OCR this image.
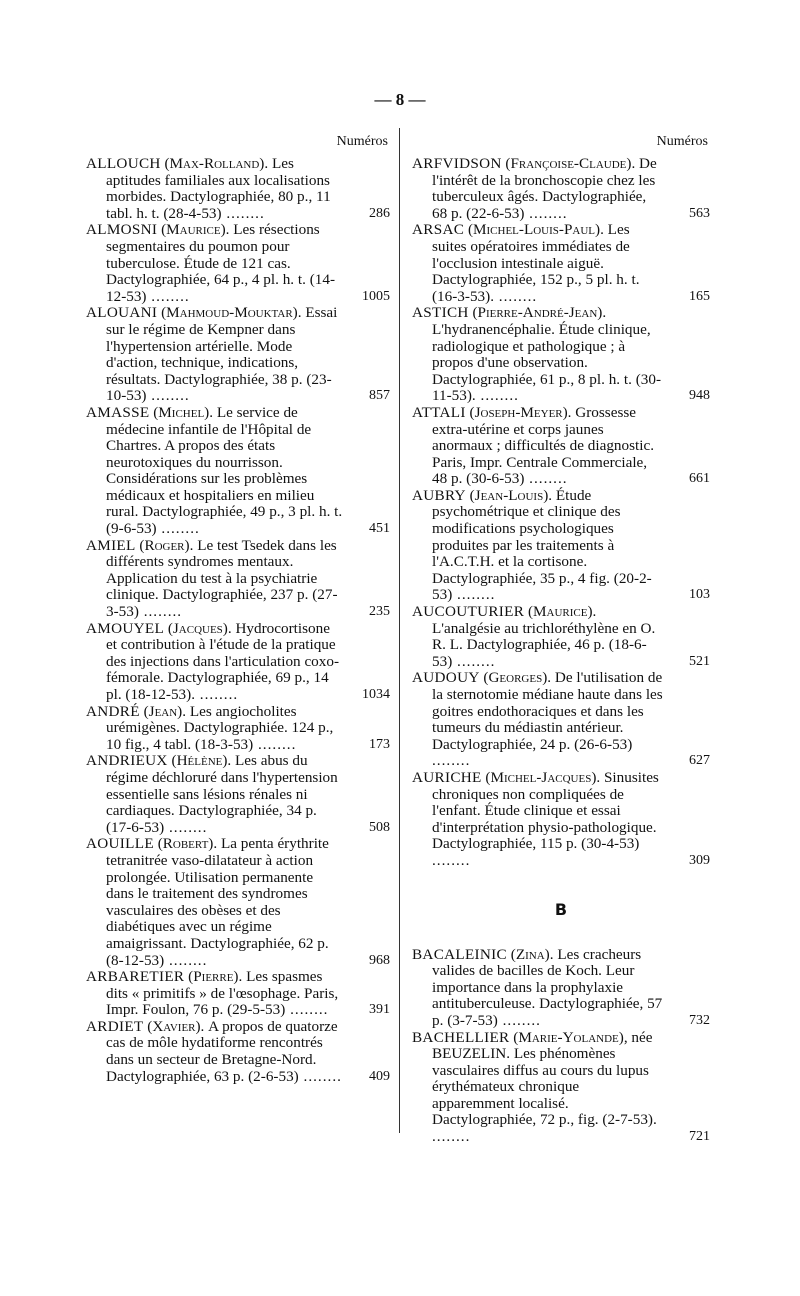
— 8 —
Numéros

ALLOUCH (Max-Rolland). Les aptitudes familiales aux localisations morbides. Dactylographiée, 80 p., 11 tabl. h. t. (28-4-53) ........	286

ALMOSNI (Maurice). Les résections segmentaires du poumon pour tuberculose. Étude de 121 cas. Dactylographiée, 64 p., 4 pl. h. t. (14-12-53) ........	1005

ALOUANI (Mahmoud-Mouktar). Essai sur le régime de Kempner dans l'hypertension artérielle. Mode d'action, technique, indications, résultats. Dactylographiée, 38 p. (23-10-53) ........	857

AMASSE (Michel). Le service de médecine infantile de l'Hôpital de Chartres. A propos des états neurotoxiques du nourrisson. Considérations sur les problèmes médicaux et hospitaliers en milieu rural. Dactylographiée, 49 p., 3 pl. h. t. (9-6-53) ........	451

AMIEL (Roger). Le test Tsedek dans les différents syndromes mentaux. Application du test à la psychiatrie clinique. Dactylographiée, 237 p. (27-3-53) ........	235

AMOUYEL (Jacques). Hydrocortisone et contribution à l'étude de la pratique des injections dans l'articulation coxo-fémorale. Dactylographiée, 69 p., 14 pl. (18-12-53). ........	1034

ANDRÉ (Jean). Les angiocholites urémigènes. Dactylographiée. 124 p., 10 fig., 4 tabl. (18-3-53) ........	173

ANDRIEUX (Hélène). Les abus du régime déchloruré dans l'hypertension essentielle sans lésions rénales ni cardiaques. Dactylographiée, 34 p. (17-6-53) ........	508

AOUILLE (Robert). La penta érythrite tetranitrée vaso-dilatateur à action prolongée. Utilisation permanente dans le traitement des syndromes vasculaires des obèses et des diabétiques avec un régime amaigrissant. Dactylographiée, 62 p. (8-12-53) ........	968

ARBARETIER (Pierre). Les spasmes dits « primitifs » de l'œsophage. Paris, Impr. Foulon, 76 p. (29-5-53) ........	391

ARDIET (Xavier). A propos de quatorze cas de môle hydatiforme rencontrés dans un secteur de Bretagne-Nord. Dactylographiée, 63 p. (2-6-53) ........	409
Numéros

ARFVIDSON (Françoise-Claude). De l'intérêt de la bronchoscopie chez les tuberculeux âgés. Dactylographiée, 68 p. (22-6-53) ........	563

ARSAC (Michel-Louis-Paul). Les suites opératoires immédiates de l'occlusion intestinale aiguë. Dactylographiée, 152 p., 5 pl. h. t. (16-3-53). ........	165

ASTICH (Pierre-André-Jean). L'hydranencéphalie. Étude clinique, radiologique et pathologique ; à propos d'une observation. Dactylographiée, 61 p., 8 pl. h. t. (30-11-53). ........	948

ATTALI (Joseph-Meyer). Grossesse extra-utérine et corps jaunes anormaux ; difficultés de diagnostic. Paris, Impr. Centrale Commerciale, 48 p. (30-6-53) ........	661

AUBRY (Jean-Louis). Étude psychométrique et clinique des modifications psychologiques produites par les traitements à l'A.C.T.H. et la cortisone. Dactylographiée, 35 p., 4 fig. (20-2-53) ........	103

AUCOUTURIER (Maurice). L'analgésie au trichloréthylène en O. R. L. Dactylographiée, 46 p. (18-6-53) ........	521

AUDOUY (Georges). De l'utilisation de la sternotomie médiane haute dans les goitres endothoraciques et dans les tumeurs du médiastin antérieur. Dactylographiée, 24 p. (26-6-53) ........	627

AURICHE (Michel-Jacques). Sinusites chroniques non compliquées de l'enfant. Étude clinique et essai d'interprétation physio-pathologique. Dactylographiée, 115 p. (30-4-53) ........	309
B

BACALEINIC (Zina). Les cracheurs valides de bacilles de Koch. Leur importance dans la prophylaxie antituberculeuse. Dactylographiée, 57 p. (3-7-53) ........	732

BACHELLIER (Marie-Yolande), née BEUZELIN. Les phénomènes vasculaires diffus au cours du lupus érythémateux chronique apparemment localisé. Dactylographiée, 72 p., fig. (2-7-53). ........	721
